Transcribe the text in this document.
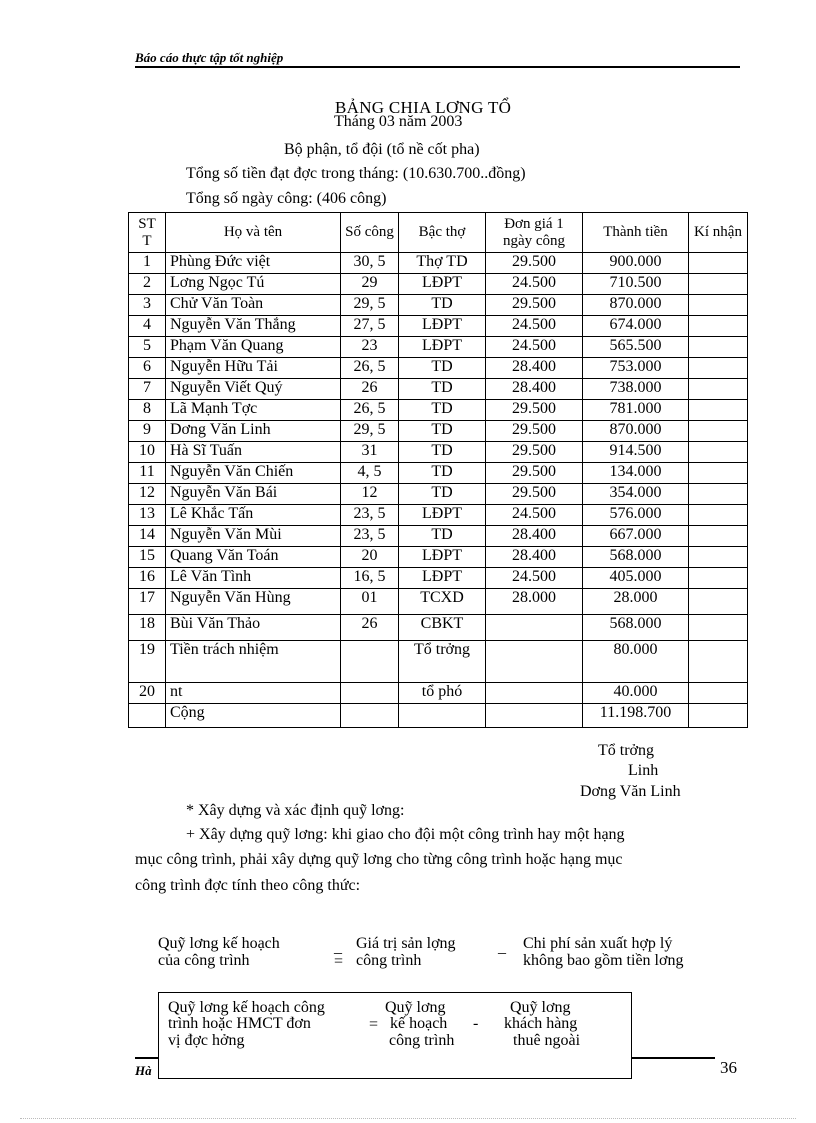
Báo cáo thực tập tốt nghiệp
BẢNG CHIA LƠNG TỔ
Tháng 03 năm 2003
Bộ phận, tổ đội (tổ nề cốt pha)
Tổng số tiền đạt đợc trong tháng: (10.630.700..đồng)
Tổng số ngày công: (406 công)
ST T	Họ và tên	Số công	Bậc thợ	Đơn giá 1 ngày công	Thành tiền	Kí nhận
1	Phùng Đức việt	30, 5	Thợ TD	29.500	900.000	
2	Lơng Ngọc Tú	29	LĐPT	24.500	710.500	
3	Chử Văn Toàn	29, 5	TD	29.500	870.000	
4	Nguyễn Văn Thắng	27, 5	LĐPT	24.500	674.000	
5	Phạm Văn Quang	23	LĐPT	24.500	565.500	
6	Nguyễn Hữu Tải	26, 5	TD	28.400	753.000	
7	Nguyễn Viết Quý	26	TD	28.400	738.000	
8	Lã Mạnh Tợc	26, 5	TD	29.500	781.000	
9	Dơng Văn Linh	29, 5	TD	29.500	870.000	
10	Hà Sĩ Tuấn	31	TD	29.500	914.500	
11	Nguyễn Văn Chiến	4, 5	TD	29.500	134.000	
12	Nguyễn Văn Bái	12	TD	29.500	354.000	
13	Lê Khắc Tấn	23, 5	LĐPT	24.500	576.000	
14	Nguyễn Văn Mùi	23, 5	TD	28.400	667.000	
15	Quang Văn Toán	20	LĐPT	28.400	568.000	
16	Lê Văn Tình	16, 5	LĐPT	24.500	405.000	
17	Nguyễn Văn Hùng	01	TCXD	28.000	28.000	
18	Bùi Văn Thảo	26	CBKT		568.000	
19	Tiền trách nhiệm		Tổ trởng		80.000	
20	nt		tổ phó		40.000	
	Cộng				11.198.700	
Tổ trởng
Linh
Dơng Văn Linh
* Xây dựng và xác định quỹ lơng:
+ Xây dựng quỹ lơng: khi giao cho đội một công trình hay một hạng
mục công trình, phải xây dựng quỹ lơng cho từng công trình hoặc hạng mục
công trình đợc tính theo công thức:
Quỹ lơng kế hoạch
của công trình
_
=
Giá trị sản lợng
công trình
_ Chi phí sản xuất hợp lý
không bao gồm tiền lơng
Hà	36
Quỹ lơng kế hoạch công
trình hoặc HMCT đơn
vị đợc hởng
=
Quỹ lơng
kế hoạch
công trình
-
Quỹ lơng
khách hàng
thuê ngoài
